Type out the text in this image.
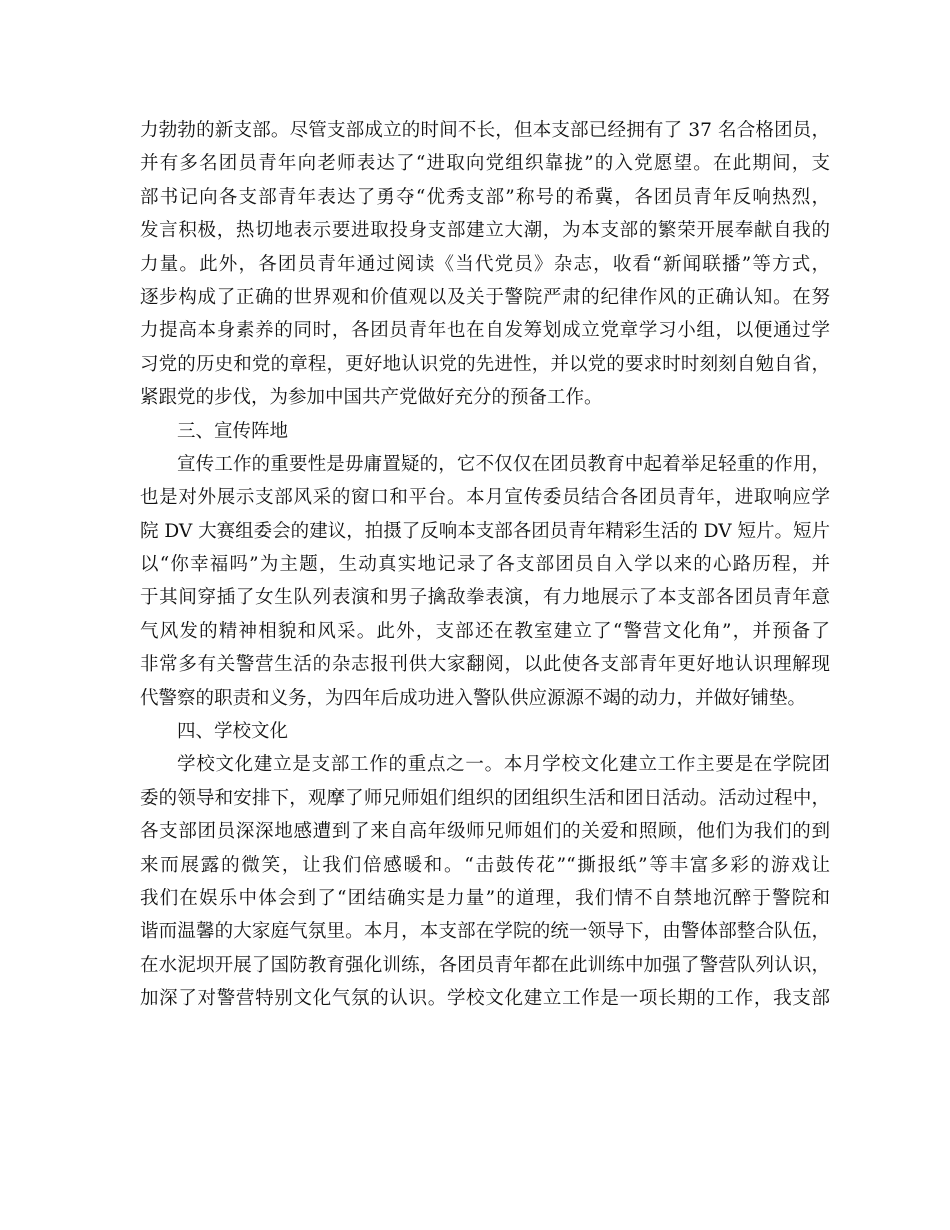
力勃勃的新支部。尽管支部成立的时间不长，但本支部已经拥有了 37 名合格团员，
并有多名团员青年向老师表达了“进取向党组织靠拢”的入党愿望。在此期间，支
部书记向各支部青年表达了勇夺“优秀支部”称号的希冀，各团员青年反响热烈，
发言积极，热切地表示要进取投身支部建立大潮，为本支部的繁荣开展奉献自我的
力量。此外，各团员青年通过阅读《当代党员》杂志，收看“新闻联播”等方式，
逐步构成了正确的世界观和价值观以及关于警院严肃的纪律作风的正确认知。在努
力提高本身素养的同时，各团员青年也在自发筹划成立党章学习小组，以便通过学
习党的历史和党的章程，更好地认识党的先进性，并以党的要求时时刻刻自勉自省，
紧跟党的步伐，为参加中国共产党做好充分的预备工作。
三、宣传阵地
宣传工作的重要性是毋庸置疑的，它不仅仅在团员教育中起着举足轻重的作用，
也是对外展示支部风采的窗口和平台。本月宣传委员结合各团员青年，进取响应学
院 DV 大赛组委会的建议，拍摄了反响本支部各团员青年精彩生活的 DV 短片。短片
以“你幸福吗”为主题，生动真实地记录了各支部团员自入学以来的心路历程，并
于其间穿插了女生队列表演和男子擒敌拳表演，有力地展示了本支部各团员青年意
气风发的精神相貌和风采。此外，支部还在教室建立了“警营文化角”，并预备了
非常多有关警营生活的杂志报刊供大家翻阅，以此使各支部青年更好地认识理解现
代警察的职责和义务，为四年后成功进入警队供应源源不竭的动力，并做好铺垫。
四、学校文化
学校文化建立是支部工作的重点之一。本月学校文化建立工作主要是在学院团
委的领导和安排下，观摩了师兄师姐们组织的团组织生活和团日活动。活动过程中，
各支部团员深深地感遭到了来自高年级师兄师姐们的关爱和照顾，他们为我们的到
来而展露的微笑，让我们倍感暖和。“击鼓传花”“撕报纸”等丰富多彩的游戏让
我们在娱乐中体会到了“团结确实是力量”的道理，我们情不自禁地沉醉于警院和
谐而温馨的大家庭气氛里。本月，本支部在学院的统一领导下，由警体部整合队伍，
在水泥坝开展了国防教育强化训练，各团员青年都在此训练中加强了警营队列认识，
加深了对警营特别文化气氛的认识。学校文化建立工作是一项长期的工作，我支部
